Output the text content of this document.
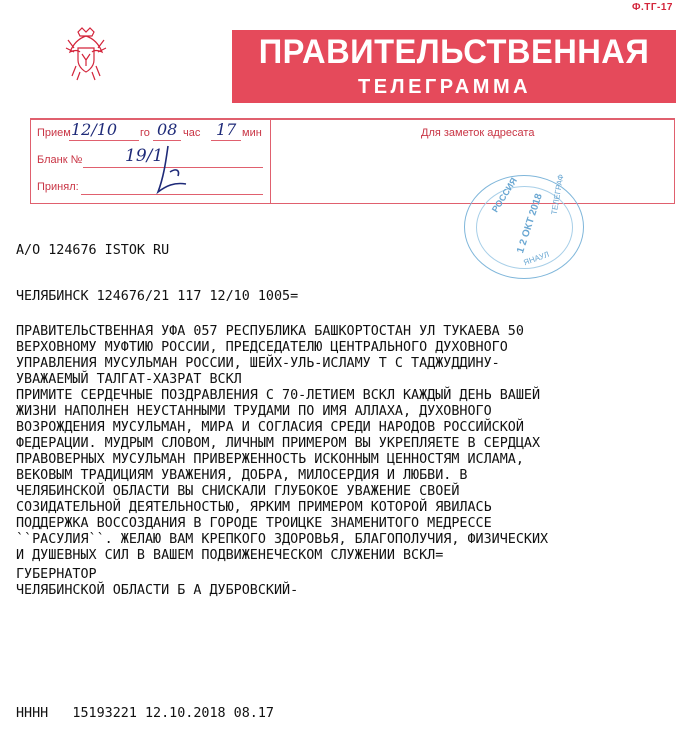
Ф.ТГ-17
ПРАВИТЕЛЬСТВЕННАЯ
ТЕЛЕГРАММА
Прием 12/10 го 08 час 17 мин
Бланк №	19/1
Принял:
Для заметок адресата
РОССИЯ
1 2 ОКТ 2018 ТЕЛЕГРАФ
ЯНАУЛ

А/О 124676 ISTOK RU

ЧЕЛЯБИНСК 124676/21 117 12/10 1005=

ПРАВИТЕЛЬСТВЕННАЯ УФА 057 РЕСПУБЛИКА БАШКОРТОСТАН УЛ ТУКАЕВА 50

ВЕРХОВНОМУ МУФТИЮ РОССИИ, ПРЕДСЕДАТЕЛЮ ЦЕНТРАЛЬНОГО ДУХОВНОГО

УПРАВЛЕНИЯ МУСУЛЬМАН РОССИИ, ШЕЙХ-УЛЬ-ИСЛАМУ Т С ТАДЖУДДИНУ-

УВАЖАЕМЫЙ ТАЛГАТ-ХАЗРАТ ВСКЛ

ПРИМИТЕ СЕРДЕЧНЫЕ ПОЗДРАВЛЕНИЯ С 70-ЛЕТИЕМ ВСКЛ КАЖДЫЙ ДЕНЬ ВАШЕЙ

ЖИЗНИ НАПОЛНЕН НЕУСТАННЫМИ ТРУДАМИ ПО ИМЯ АЛЛАХА, ДУХОВНОГО

ВОЗРОЖДЕНИЯ МУСУЛЬМАН, МИРА И СОГЛАСИЯ СРЕДИ НАРОДОВ РОССИЙСКОЙ

ФЕДЕРАЦИИ. МУДРЫМ СЛОВОМ, ЛИЧНЫМ ПРИМЕРОМ ВЫ УКРЕПЛЯЕТЕ В СЕРДЦАХ

ПРАВОВЕРНЫХ МУСУЛЬМАН ПРИВЕРЖЕННОСТЬ ИСКОННЫМ ЦЕННОСТЯМ ИСЛАМА,

ВЕКОВЫМ ТРАДИЦИЯМ УВАЖЕНИЯ, ДОБРА, МИЛОСЕРДИЯ И ЛЮБВИ. В

ЧЕЛЯБИНСКОЙ ОБЛАСТИ ВЫ СНИСКАЛИ ГЛУБОКОЕ УВАЖЕНИЕ СВОЕЙ

СОЗИДАТЕЛЬНОЙ ДЕЯТЕЛЬНОСТЬЮ, ЯРКИМ ПРИМЕРОМ КОТОРОЙ ЯВИЛАСЬ

ПОДДЕРЖКА ВОССОЗДАНИЯ В ГОРОДЕ ТРОИЦКЕ ЗНАМЕНИТОГО МЕДРЕССЕ

``РАСУЛИЯ``. ЖЕЛАЮ ВАМ КРЕПКОГО ЗДОРОВЬЯ, БЛАГОПОЛУЧИЯ, ФИЗИЧЕСКИХ

И ДУШЕВНЫХ СИЛ В ВАШЕМ ПОДВИЖЕНЕЧЕСКОМ СЛУЖЕНИИ ВСКЛ=

ГУБЕРНАТОР

ЧЕЛЯБИНСКОЙ ОБЛАСТИ Б А ДУБРОВСКИЙ-

НННН   15193221 12.10.2018 08.17
